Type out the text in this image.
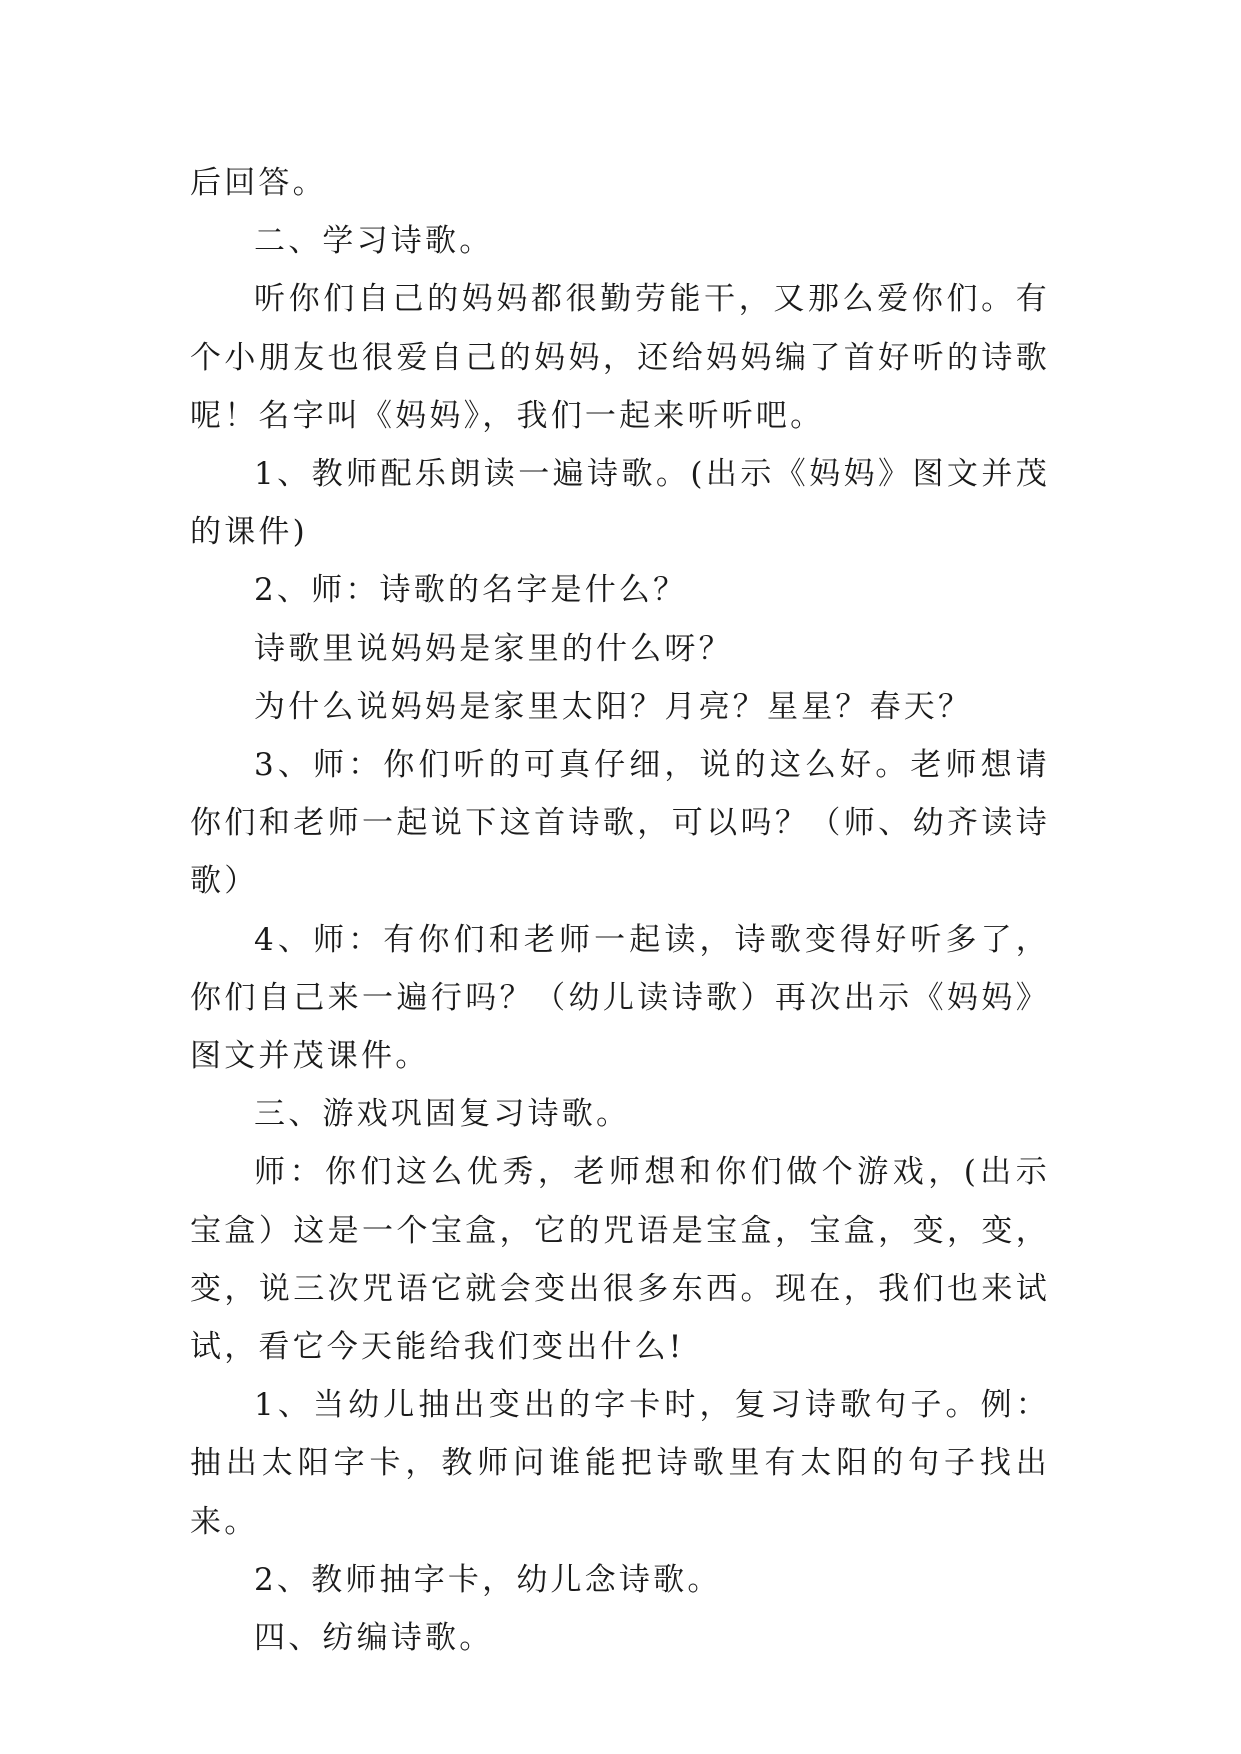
后回答。

二、学习诗歌。

听你们自己的妈妈都很勤劳能干，又那么爱你们。有个小朋友也很爱自己的妈妈，还给妈妈编了首好听的诗歌呢！名字叫《妈妈》，我们一起来听听吧。

1、教师配乐朗读一遍诗歌。(出示《妈妈》图文并茂的课件)

2、师：诗歌的名字是什么？

诗歌里说妈妈是家里的什么呀？

为什么说妈妈是家里太阳？月亮？星星？春天？

3、师：你们听的可真仔细，说的这么好。老师想请你们和老师一起说下这首诗歌，可以吗？（师、幼齐读诗歌）

4、师：有你们和老师一起读，诗歌变得好听多了，你们自己来一遍行吗？（幼儿读诗歌）再次出示《妈妈》图文并茂课件。

三、游戏巩固复习诗歌。

师：你们这么优秀，老师想和你们做个游戏，(出示宝盒）这是一个宝盒，它的咒语是宝盒，宝盒，变，变，变，说三次咒语它就会变出很多东西。现在，我们也来试试，看它今天能给我们变出什么!

1、当幼儿抽出变出的字卡时，复习诗歌句子。例：抽出太阳字卡，教师问谁能把诗歌里有太阳的句子找出来。

2、教师抽字卡，幼儿念诗歌。

四、纺编诗歌。
